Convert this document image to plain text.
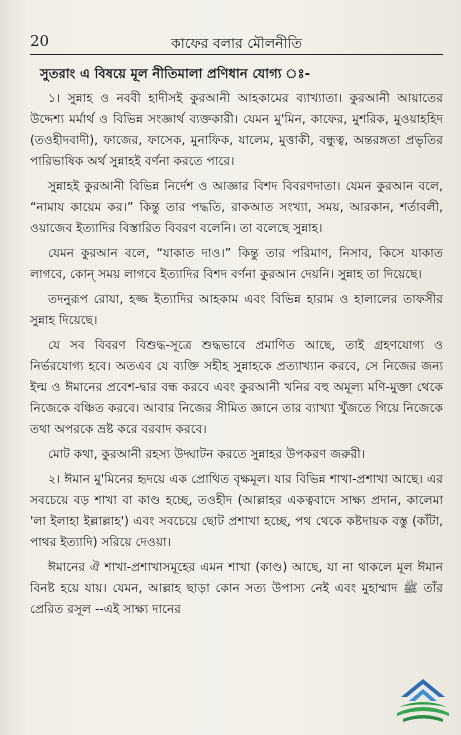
20	কাফের বলার মৌলনীতি
সুতরাং এ বিষয়ে মূল নীতিমালা প্রণিধান যোগ্য ঃ-

১। সুন্নাহ ও নববী হাদীসই কুরআনী আহকামের ব্যাখ্যাতা। কুরআনী আয়াতের উদ্দেশ্য মর্মার্থ ও বিভিন্ন সংজ্ঞার্থ ব্যক্তকারী। যেমন মু'মিন, কাফের, মুশরিক, মুওয়াহহিদ (তওহীদবাদী), ফাজের, ফাসেক, মুনাফিক, যালেম, মুত্তাকী, বন্ধুত্ব, অন্তরঙ্গতা প্রভৃতির পারিভাষিক অর্থ সুন্নাহই বর্ণনা করতে পারে।

সুন্নাহই কুরআনী বিভিন্ন নির্দেশ ও আজ্ঞার বিশদ বিবরণদাতা। যেমন কুরআন বলে, “নামায কায়েম কর।” কিন্তু তার পদ্ধতি, রাকআত সংখ্যা, সময়, আরকান, শর্তাবলী, ওয়াজেব ইত্যাদির বিস্তারিত বিবরণ বলেনি। তা বলেছে সুন্নাহ।

যেমন কুরআন বলে, “যাকাত দাও।” কিন্তু তার পরিমাণ, নিসাব, কিসে যাকাত লাগবে, কোন্ সময় লাগবে ইত্যাদির বিশদ বর্ণনা কুরআন দেয়নি। সুন্নাহ তা দিয়েছে।

তদনুরূপ রোযা, হজ্জ ইত্যাদির আহকাম এবং বিভিন্ন হারাম ও হালালের তাফসীর সুন্নাহ দিয়েছে।

যে সব বিবরণ বিশুদ্ধ-সূত্রে শুদ্ধভাবে প্রমাণিত আছে, তাই গ্রহণযোগ্য ও নির্ভরযোগ্য হবে। অতএব যে ব্যক্তি সহীহ সুন্নাহকে প্রত্যাখ্যান করবে, সে নিজের জন্য ইল্ম ও ঈমানের প্রবেশ-দ্বার বন্ধ করবে এবং কুরআনী খনির বহু অমূল্য মণি-মুক্তা থেকে নিজেকে বঞ্চিত করবে। আবার নিজের সীমিত জ্ঞানে তার ব্যাখ্যা খুঁজতে গিয়ে নিজেকে তথা অপরকে ভ্রষ্ট করে বরবাদ করবে।

মোট কথা, কুরআনী রহস্য উদ্ঘাটন করতে সুন্নাহর উপকরণ জরুরী।

২। ঈমান মু'মিনের হৃদয়ে এক প্রোথিত বৃক্ষমূল। যার বিভিন্ন শাখা-প্রশাখা আছে। এর সবচেয়ে বড় শাখা বা কাণ্ড হচ্ছে, তওহীদ (আল্লাহর একত্ববাদে সাক্ষ্য প্রদান, কালেমা 'লা ইলাহা ইল্লাল্লাহ') এবং সবচেয়ে ছোট প্রশাখা হচ্ছে, পথ থেকে কষ্টদায়ক বস্তু (কাঁটা, পাথর ইত্যাদি) সরিয়ে দেওয়া।

ঈমানের ঐ শাখা-প্রশাখাসমূহের এমন শাখা (কাণ্ড) আছে, যা না থাকলে মূল ঈমান বিনষ্ট হয়ে যায়। যেমন, আল্লাহ ছাড়া কোন সত্য উপাস্য নেই এবং মুহাম্মাদ ﷺ তাঁর প্রেরিত রসূল --এই সাক্ষ্য দানের
